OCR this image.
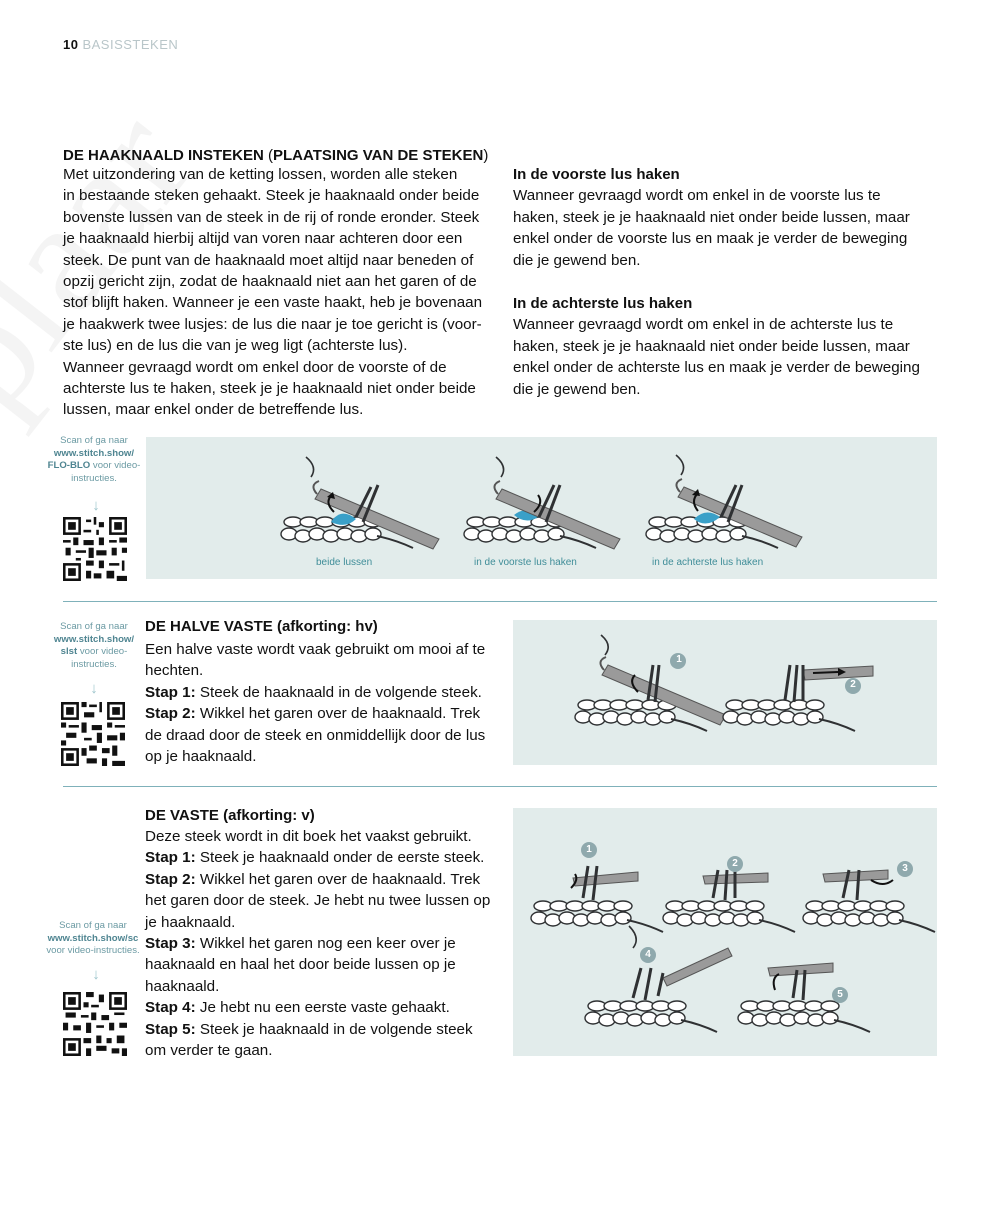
10 BASISSTEKEN
DE HAAKNAALD INSTEKEN (PLAATSING VAN DE STEKEN)

Met uitzondering van de ketting lossen, worden alle steken

in bestaande steken gehaakt. Steek je haaknaald onder beide

bovenste lussen van de steek in de rij of ronde eronder. Steek

je haaknaald hierbij altijd van voren naar achteren door een

steek. De punt van de haaknaald moet altijd naar beneden of

opzij gericht zijn, zodat de haaknaald niet aan het garen of de

stof blijft haken. Wanneer je een vaste haakt, heb je bovenaan

je haakwerk twee lusjes: de lus die naar je toe gericht is (voor-

ste lus) en de lus die van je weg ligt (achterste lus).

Wanneer gevraagd wordt om enkel door de voorste of de

achterste lus te haken, steek je je haaknaald niet onder beide

lussen, maar enkel onder de betreffende lus.

In de voorste lus haken

Wanneer gevraagd wordt om enkel in de voorste lus te

haken, steek je je haaknaald niet onder beide lussen, maar

enkel onder de voorste lus en maak je verder de beweging

die je gewend ben.

In de achterste lus haken

Wanneer gevraagd wordt om enkel in de achterste lus te

haken, steek je je haaknaald niet onder beide lussen, maar

enkel onder de achterste lus en maak je verder de beweging

die je gewend ben.

Scan of ga naar
www.stitch.show/
FLO-BLO voor video-
instructies.
↓
beide lussen	in de voorste lus haken	in de achterste lus haken
Scan of ga naar
www.stitch.show/
slst voor video-
instructies.
↓
DE HALVE VASTE (afkorting: hv)

Een halve vaste wordt vaak gebruikt om mooi af te

hechten.

Stap 1: Steek de haaknaald in de volgende steek.

Stap 2: Wikkel het garen over de haaknaald. Trek

de draad door de steek en onmiddellijk door de lus

op je haaknaald.

1
2
DE VASTE (afkorting: v)

Deze steek wordt in dit boek het vaakst gebruikt.

Stap 1: Steek je haaknaald onder de eerste steek.

Stap 2: Wikkel het garen over de haaknaald. Trek

het garen door de steek. Je hebt nu twee lussen op

je haaknaald.

Stap 3: Wikkel het garen nog een keer over je

haaknaald en haal het door beide lussen op je

haaknaald.

Stap 4: Je hebt nu een eerste vaste gehaakt.

Stap 5: Steek je haaknaald in de volgende steek

om verder te gaan.

Scan of ga naar
www.stitch.show/sc
voor video-instructies.
↓
1
2	3
4
5
